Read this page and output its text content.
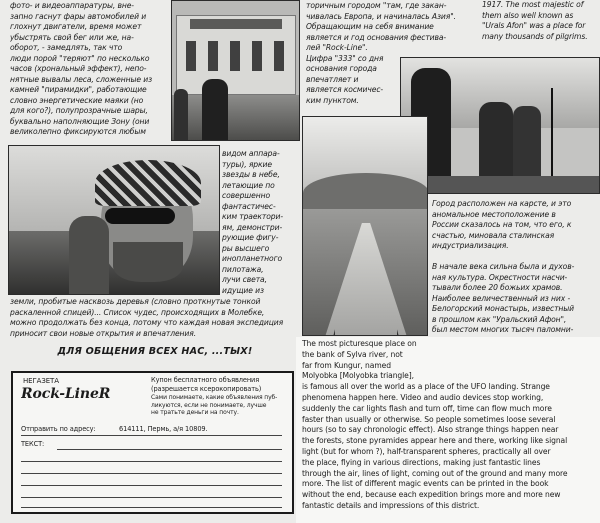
фото- и видеоаппаратуры, вне-
запно гаснут фары автомобилей и
глохнут двигатели, время может
убыстрять свой бег или же, на-
оборот, - замедлять, так что
люди порой "теряют" по несколько
часов (хрональный эффект), непо-
нятные вывалы леса, сложенные из
камней "пирамидки", работающие
словно энергетические маяки (но
для кого?), полупрозрачные шары,
буквально наполняющие Зону (они
великолепно фиксируются любым
торичным городом "там, где закан-
чивалась Европа, и начиналась Азия".
Обращающим на себя внимание
является и год основания фестива-
лей "Rock-Line".
Цифра "333" со дня
основания города
впечатляет и
является космичес-
ким пунктом.
1917. The most majestic of
them also well known as
"Urals Afon" was a place for
many thousands of pilgrims.
видом аппара-
туры), яркие
звезды в небе,
летающие по
совершенно
фантастичес-
ким траектори-
ям, демонстри-
рующие фигу-
ры высшего
инопланетного
пилотажа,
лучи света,
идущие из
Город расположен на карсте, и это
аномальное местоположение в
России сказалось на том, что его, к
счастью, миновала сталинская
индустриализация.

В начале века сильна была и духов-
ная культура. Окрестности насчи-
тывали более 20 божьих храмов.
Наиболее величественный из них -
Белогорский монастырь, известный
в прошлом как "Уральский Афон",
был местом многих тысяч паломни-

земли, пробитые насквозь деревья (словно проткнутые тонкой
раскаленной спицей)... Список чудес, происходящих в Молебке,
можно продолжать без конца, потому что каждая новая экспедиция
приносит свои новые открытия и впечатления.
ДЛЯ ОБЩЕНИЯ ВСЕХ НАС, ...ТЫХ!
The most picturesque place on
the bank of Sylva river, not
far from Kungur, named
Molyobka [Molyobka triangle],
is famous all over the world as a place of the UFO landing. Strange
phenomena happen here. Video and audio devices stop working,
suddenly the car lights flash and turn off, time can flow much more
faster than usually or otherwise. So people sometimes loose several
hours (so to say chronologic effect). Also strange things happen near
the forests, stone pyramides appear here and there, working like signal
light (but for whom ?), half-transparent spheres, practically all over
the place, flying in various directions, making just fantastic lines
through the air, lines of light, coming out of the ground and many more
more. The list of different magic events can be printed in the book
without the end, because each expedition brings more and more new
fantastic details and impressions of this district.
НЕГАЗЕТА
Rock-LineR
Купон бесплатного объявления
(разрешается ксерокопировать)
Сами понимаете, какие объявления пуб-
ликуются, если не понимаете, лучше
не тратьте деньги на почту.
Отправить по адресу:	614111, Пермь, а/я 10809.
ТЕКСТ:
